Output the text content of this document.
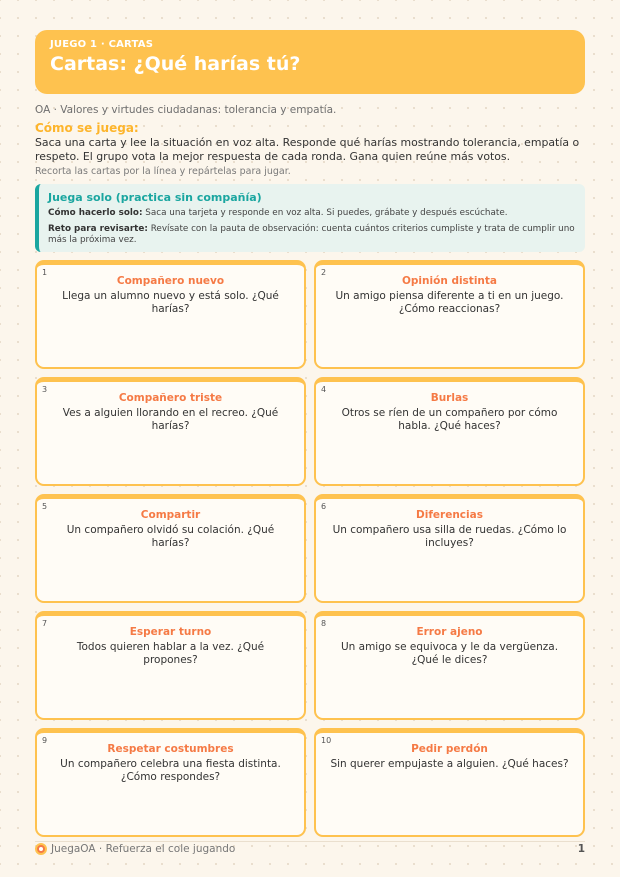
JUEGO 1 · CARTAS
Cartas: ¿Qué harías tú?
OA · Valores y virtudes ciudadanas: tolerancia y empatía.
Cómo se juega:
Saca una carta y lee la situación en voz alta. Responde qué harías mostrando tolerancia, empatía o respeto. El grupo vota la mejor respuesta de cada ronda. Gana quien reúne más votos.
Recorta las cartas por la línea y repártelas para jugar.
Juega solo (practica sin compañía)
Cómo hacerlo solo: Saca una tarjeta y responde en voz alta. Si puedes, grábate y después escúchate.
Reto para revisarte: Revísate con la pauta de observación: cuenta cuántos criterios cumpliste y trata de cumplir uno más la próxima vez.
1
Compañero nuevo
Llega un alumno nuevo y está solo. ¿Qué harías?
2
Opinión distinta
Un amigo piensa diferente a ti en un juego. ¿Cómo reaccionas?
3
Compañero triste
Ves a alguien llorando en el recreo. ¿Qué harías?
4
Burlas
Otros se ríen de un compañero por cómo habla. ¿Qué haces?
5
Compartir
Un compañero olvidó su colación. ¿Qué harías?
6
Diferencias
Un compañero usa silla de ruedas. ¿Cómo lo incluyes?
7
Esperar turno
Todos quieren hablar a la vez. ¿Qué propones?
8
Error ajeno
Un amigo se equivoca y le da vergüenza. ¿Qué le dices?
9
Respetar costumbres
Un compañero celebra una fiesta distinta. ¿Cómo respondes?
10
Pedir perdón
Sin querer empujaste a alguien. ¿Qué haces?
JuegaOA · Refuerza el cole jugando	1
